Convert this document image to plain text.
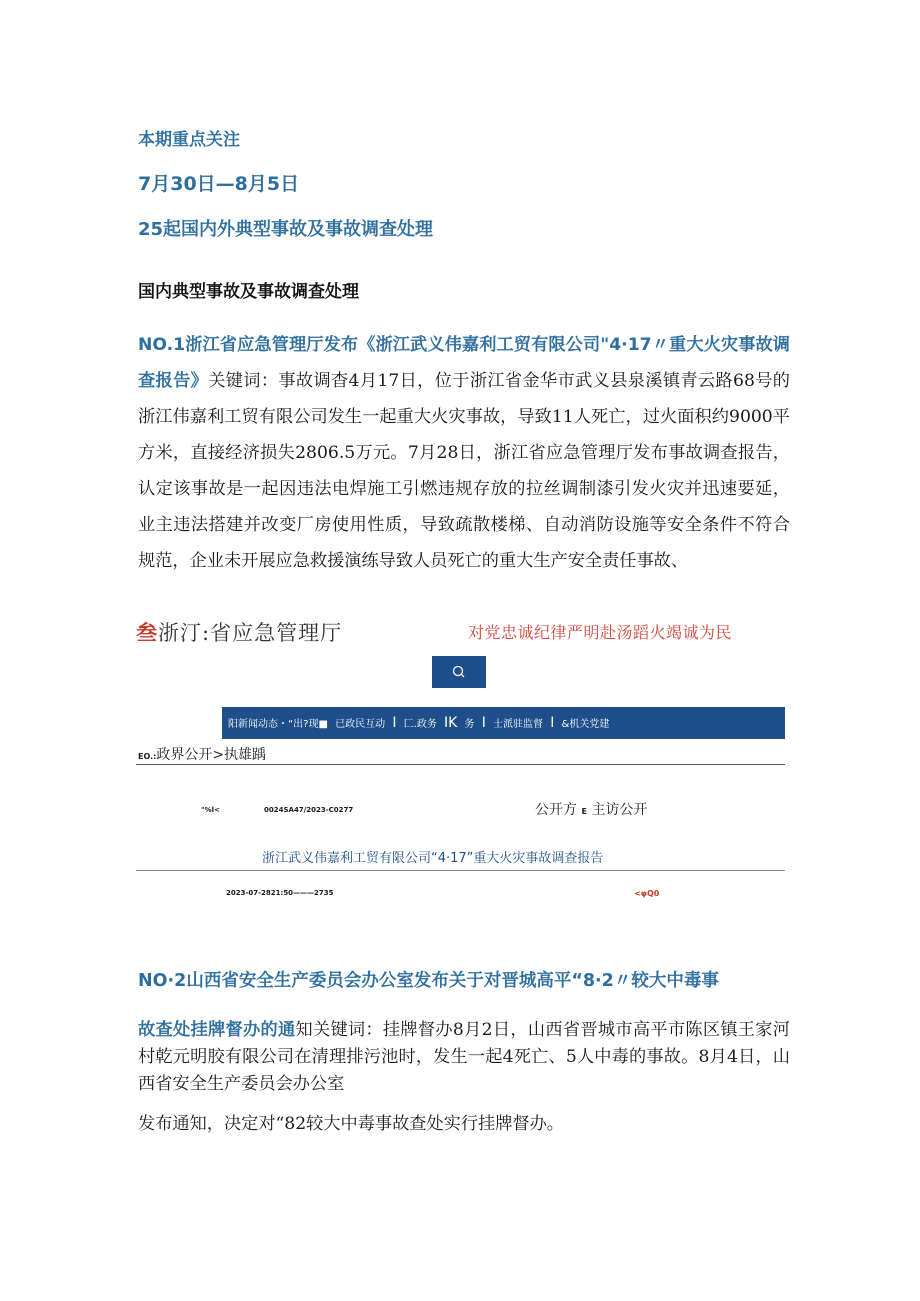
本期重点关注
7月30日—8月5日
25起国内外典型事故及事故调查处理
国内典型事故及事故调查处理
NO.1浙江省应急管理厅发布《浙江武义伟嘉利工贸有限公司"4·17〃重大火灾事故调查报告》关键词：事故调杳4月17日，位于浙江省金华市武义县泉溪镇青云路68号的浙江伟嘉利工贸有限公司发生一起重大火灾事故，导致11人死亡，过火面积约9000平方米，直接经济损失2806.5万元。7月28日，浙江省应急管理厅发布事故调查报告，认定该事故是一起因违法电焊施工引燃违规存放的拉丝调制漆引发火灾并迅速要延，业主违法搭建并改变厂房使用性质，导致疏散楼梯、自动消防设施等安全条件不符合规范，企业未开展应急救援演练导致人员死亡的重大生产安全责任事故、
叁浙汀:省应急管理厅	对党忠诚纪律严明赴汤蹈火竭诚为民
阳新闻动态・“出?现■ 已政民互动 I 匚.政务 IK 务 I 士派驻监督 I &机关党建
EO.:政界公开>执雄踽
"%l<	0024SA47/2023-C0277	公开方 E 主访公开
浙江武义伟嘉利工贸有限公司“4·17”重大火灾事故调查报告
2023-07-2821:50———2735	<φQ0
NO·2山西省安全生产委员会办公室发布关于对晋城高平“8·2〃较大中毒事
故查处挂牌督办的通知关键词：挂牌督办8月2日，山西省晋城市高平市陈区镇王家河村乾元明胶有限公司在清理排污池时，发生一起4死亡、5人中毒的事故。8月4日，山西省安全生产委员会办公室
发布通知，决定对“82较大中毒事故查处实行挂牌督办。
